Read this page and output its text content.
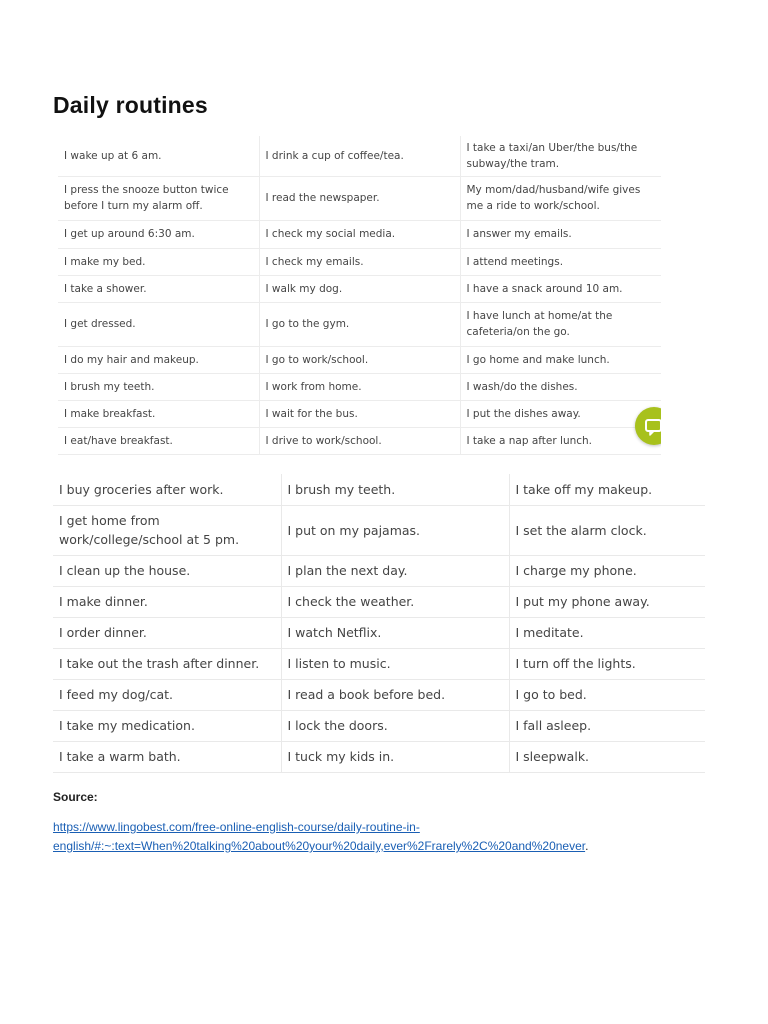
Daily routines
I wake up at 6 am.	I drink a cup of coffee/tea.	I take a taxi/an Uber/the bus/the subway/the tram.
I press the snooze button twice before I turn my alarm off.	I read the newspaper.	My mom/dad/husband/wife gives me a ride to work/school.
I get up around 6:30 am.	I check my social media.	I answer my emails.
I make my bed.	I check my emails.	I attend meetings.
I take a shower.	I walk my dog.	I have a snack around 10 am.
I get dressed.	I go to the gym.	I have lunch at home/at the cafeteria/on the go.
I do my hair and makeup.	I go to work/school.	I go home and make lunch.
I brush my teeth.	I work from home.	I wash/do the dishes.
I make breakfast.	I wait for the bus.	I put the dishes away.
I eat/have breakfast.	I drive to work/school.	I take a nap after lunch.
I buy groceries after work.	I brush my teeth.	I take off my makeup.
I get home from work/college/school at 5 pm.	I put on my pajamas.	I set the alarm clock.
I clean up the house.	I plan the next day.	I charge my phone.
I make dinner.	I check the weather.	I put my phone away.
I order dinner.	I watch Netflix.	I meditate.
I take out the trash after dinner.	I listen to music.	I turn off the lights.
I feed my dog/cat.	I read a book before bed.	I go to bed.
I take my medication.	I lock the doors.	I fall asleep.
I take a warm bath.	I tuck my kids in.	I sleepwalk.

Source:

https://www.lingobest.com/free-online-english-course/daily-routine-in-
english/#:~:text=When%20talking%20about%20your%20daily,ever%2Frarely%2C%20and%20never.
